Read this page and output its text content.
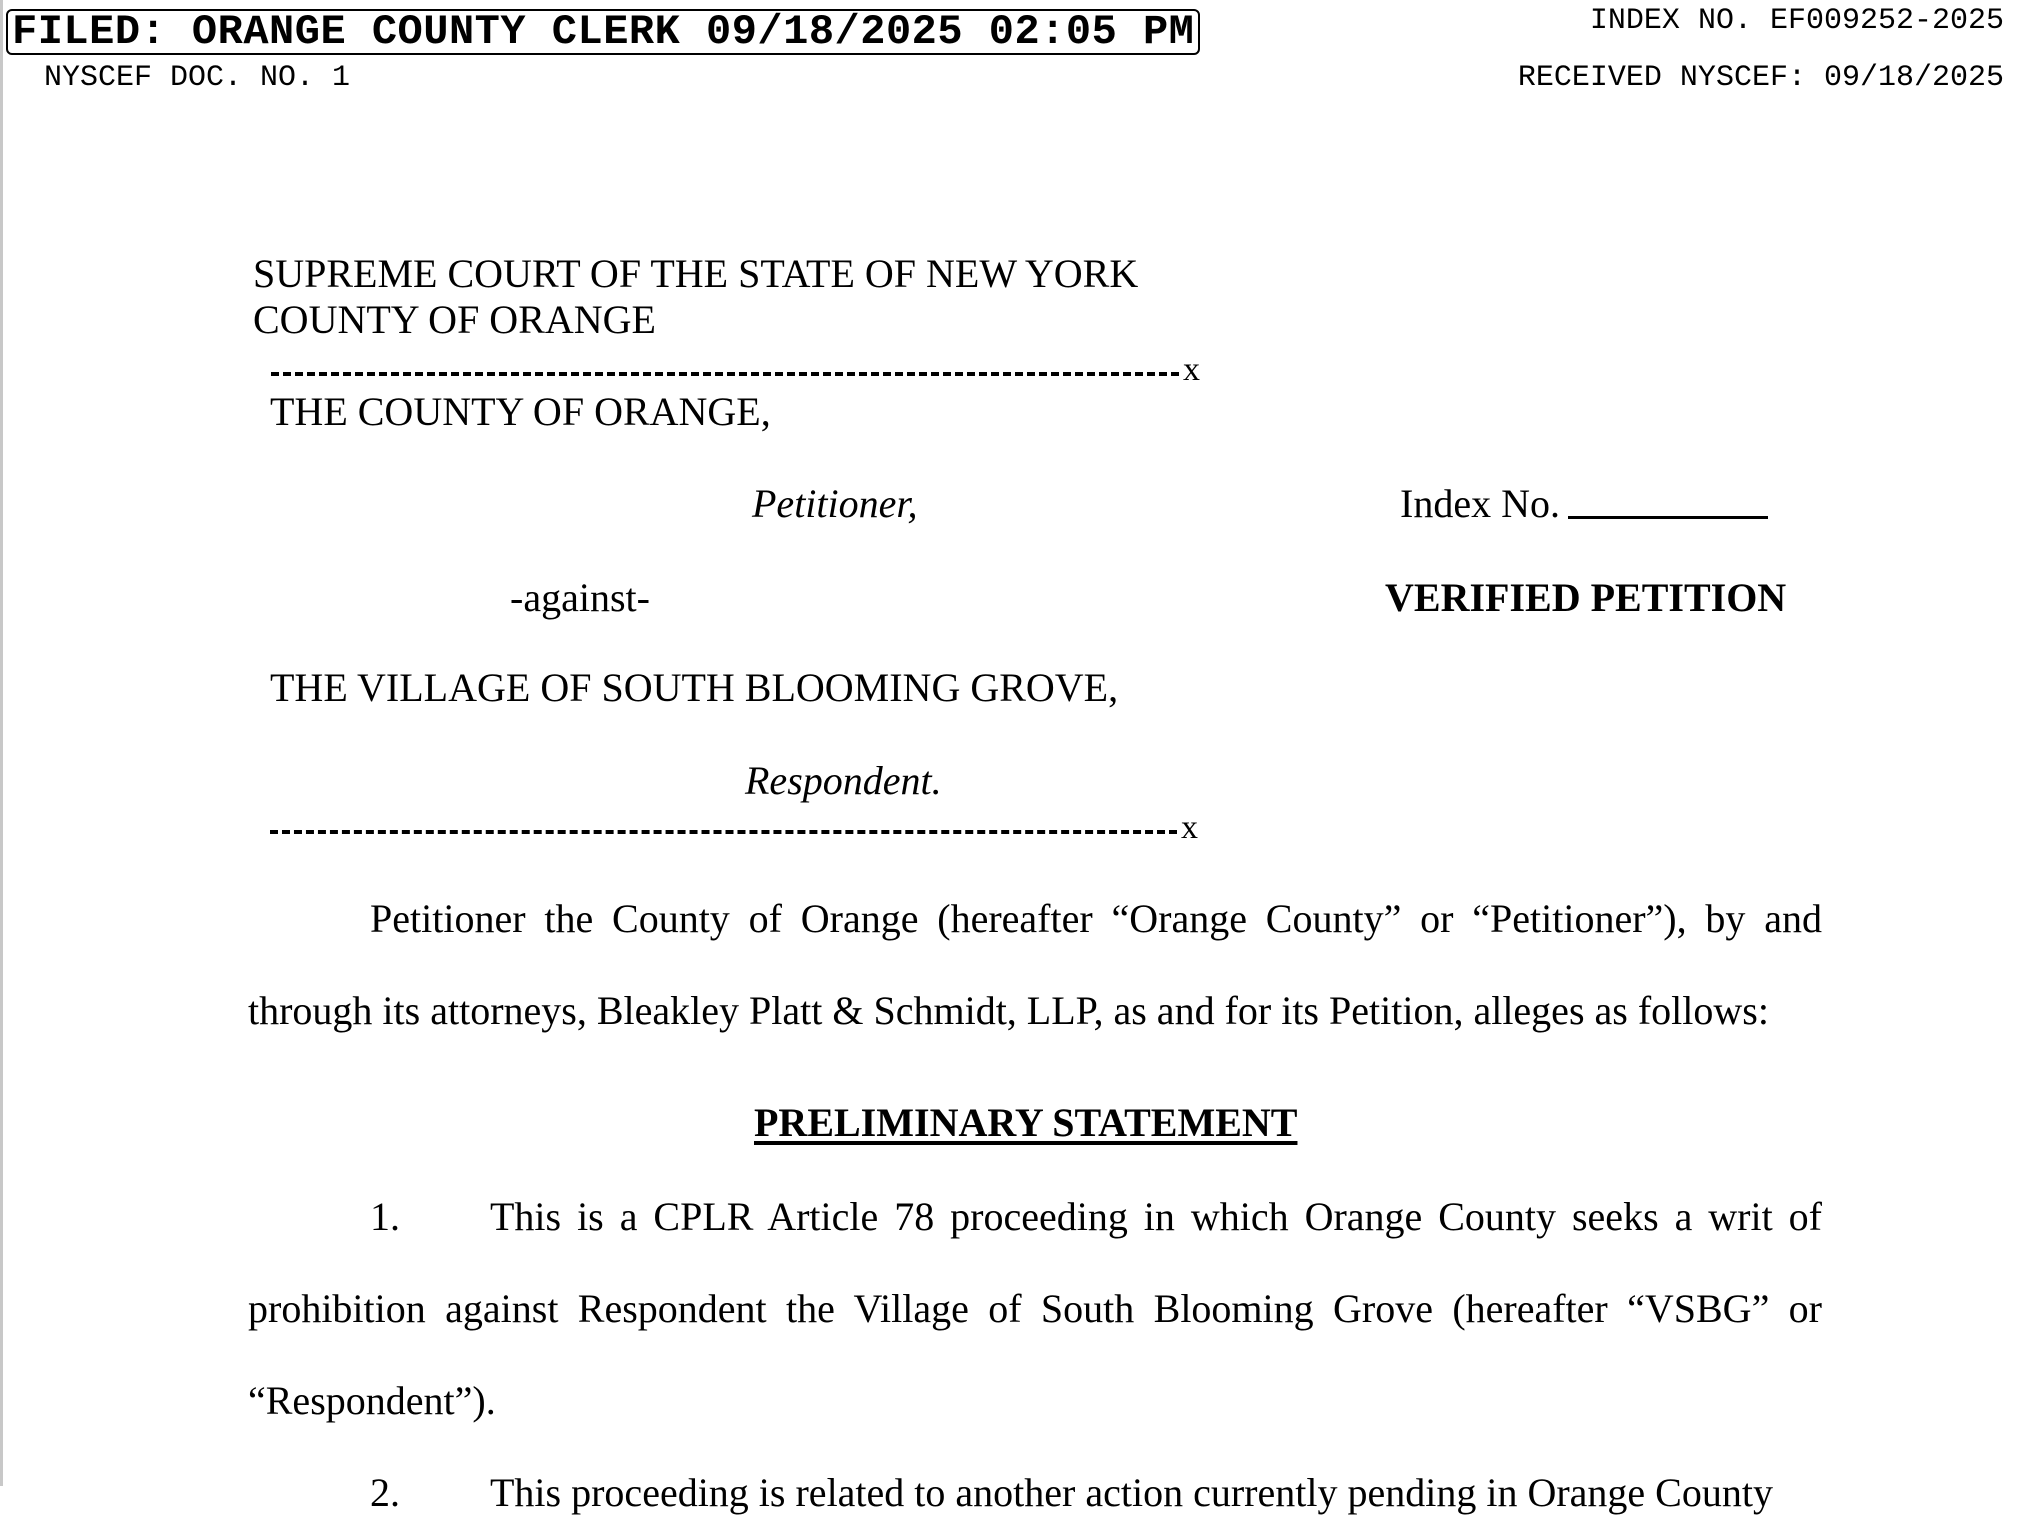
FILED: ORANGE COUNTY CLERK 09/18/2025 02:05 PM
NYSCEF DOC. NO. 1
INDEX NO. EF009252-2025
RECEIVED NYSCEF: 09/18/2025
SUPREME COURT OF THE STATE OF NEW YORK
COUNTY OF ORANGE
x
THE COUNTY OF ORANGE,
Petitioner,	Index No.
-against-	VERIFIED PETITION
THE VILLAGE OF SOUTH BLOOMING GROVE,
Respondent.
x
Petitioner the County of Orange (hereafter “Orange County” or “Petitioner”), by and
through its attorneys, Bleakley Platt & Schmidt, LLP, as and for its Petition, alleges as follows:
PRELIMINARY STATEMENT
1. This is a CPLR Article 78 proceeding in which Orange County seeks a writ of
prohibition against Respondent the Village of South Blooming Grove (hereafter “VSBG” or
“Respondent”).
2. This proceeding is related to another action currently pending in Orange County
